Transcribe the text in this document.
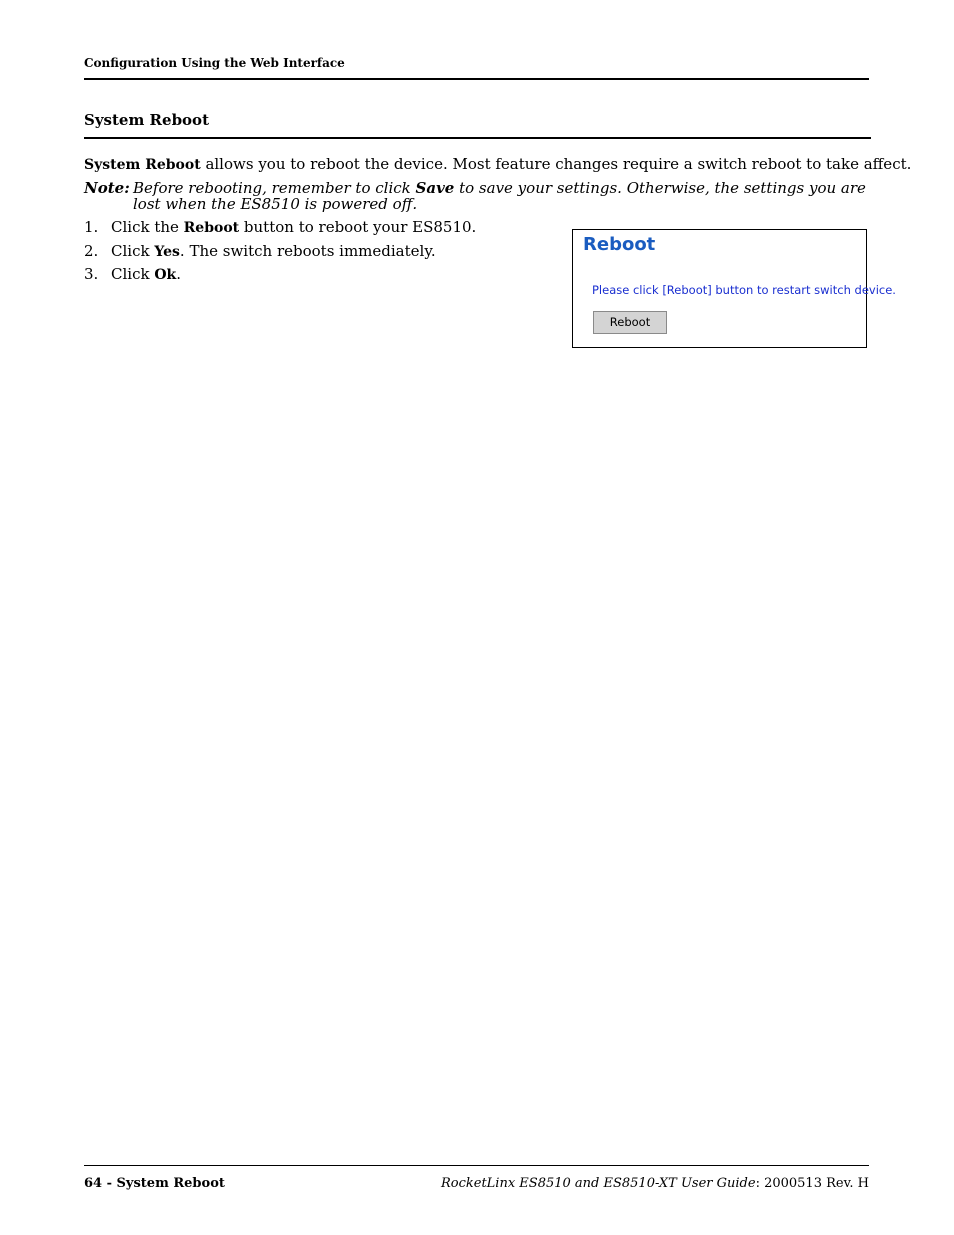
Configuration Using the Web Interface
System Reboot
System Reboot allows you to reboot the device. Most feature changes require a switch reboot to take affect.
Note: Before rebooting, remember to click Save to save your settings. Otherwise, the settings you are lost when the ES8510 is powered off.
1. Click the Reboot button to reboot your ES8510.
2. Click Yes. The switch reboots immediately.
3. Click Ok.
Reboot
Please click [Reboot] button to restart switch device.
Reboot
64 - System Reboot	RocketLinx ES8510 and ES8510-XT User Guide: 2000513 Rev. H
